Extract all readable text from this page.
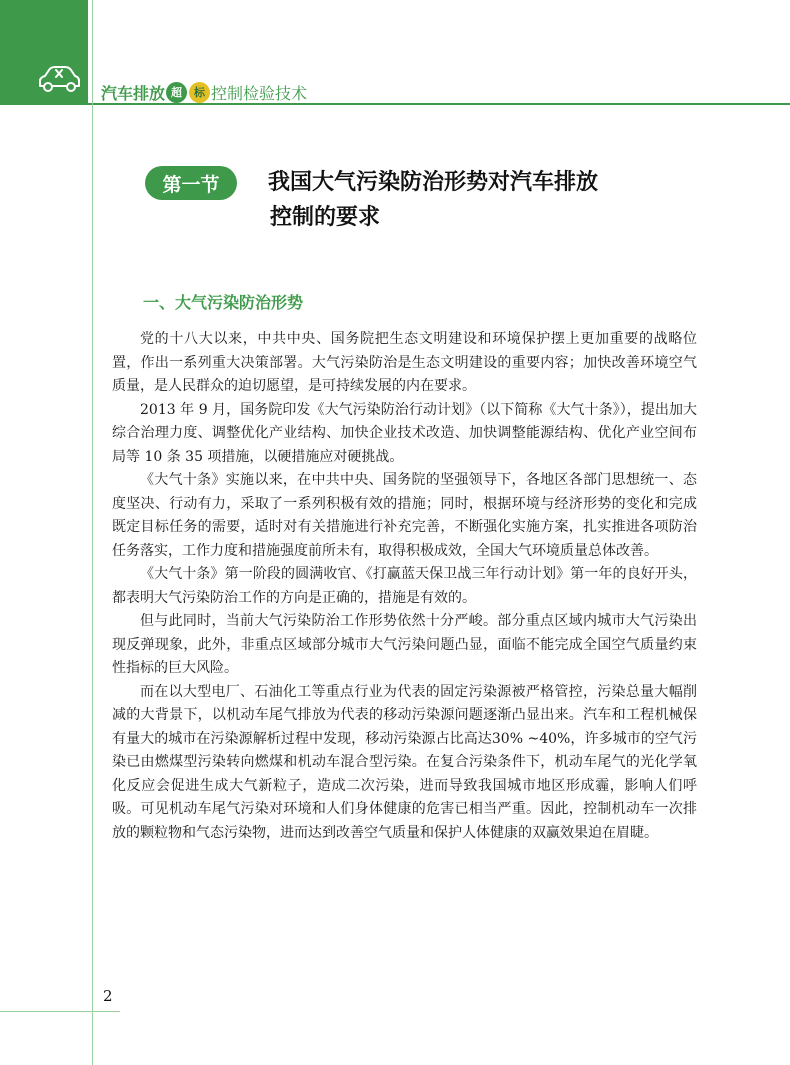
汽车排放 超	标 控制检验技术
第一节	我国大气污染防治形势对汽车排放
控制的要求
一、大气污染防治形势

党的十八大以来，中共中央、国务院把生态文明建设和环境保护摆上更加重要的战略位置，作出一系列重大决策部署。大气污染防治是生态文明建设的重要内容；加快改善环境空气质量，是人民群众的迫切愿望，是可持续发展的内在要求。

2013 年 9 月，国务院印发《大气污染防治行动计划》（以下简称《大气十条》），提出加大综合治理力度、调整优化产业结构、加快企业技术改造、加快调整能源结构、优化产业空间布局等 10 条 35 项措施，以硬措施应对硬挑战。

《大气十条》实施以来，在中共中央、国务院的坚强领导下，各地区各部门思想统一、态度坚决、行动有力，采取了一系列积极有效的措施；同时，根据环境与经济形势的变化和完成既定目标任务的需要，适时对有关措施进行补充完善，不断强化实施方案，扎实推进各项防治任务落实，工作力度和措施强度前所未有，取得积极成效，全国大气环境质量总体改善。

《大气十条》第一阶段的圆满收官、《打赢蓝天保卫战三年行动计划》第一年的良好开头，都表明大气污染防治工作的方向是正确的，措施是有效的。

但与此同时，当前大气污染防治工作形势依然十分严峻。部分重点区域内城市大气污染出现反弹现象，此外，非重点区域部分城市大气污染问题凸显，面临不能完成全国空气质量约束性指标的巨大风险。

而在以大型电厂、石油化工等重点行业为代表的固定污染源被严格管控，污染总量大幅削减的大背景下，以机动车尾气排放为代表的移动污染源问题逐渐凸显出来。汽车和工程机械保有量大的城市在污染源解析过程中发现，移动污染源占比高达30% ~40%，许多城市的空气污染已由燃煤型污染转向燃煤和机动车混合型污染。在复合污染条件下，机动车尾气的光化学氧化反应会促进生成大气新粒子，造成二次污染，进而导致我国城市地区形成霾，影响人们呼吸。可见机动车尾气污染对环境和人们身体健康的危害已相当严重。因此，控制机动车一次排放的颗粒物和气态污染物，进而达到改善空气质量和保护人体健康的双赢效果迫在眉睫。

2
